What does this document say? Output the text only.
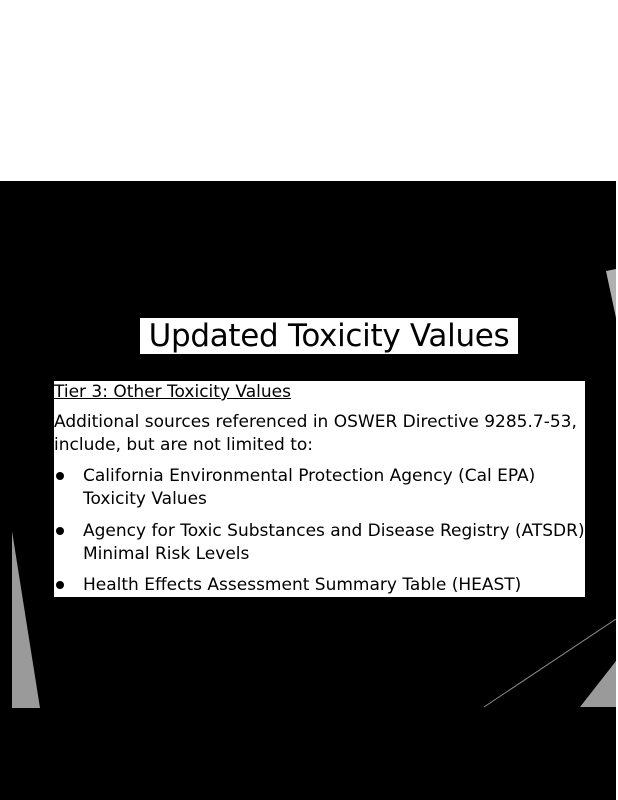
Updated Toxicity Values
Tier 3: Other Toxicity Values
Additional sources referenced in OSWER Directive 9285.7-53,
include, but are not limited to:
California Environmental Protection Agency (Cal EPA)
Toxicity Values
Agency for Toxic Substances and Disease Registry (ATSDR)
Minimal Risk Levels
Health Effects Assessment Summary Table (HEAST)
